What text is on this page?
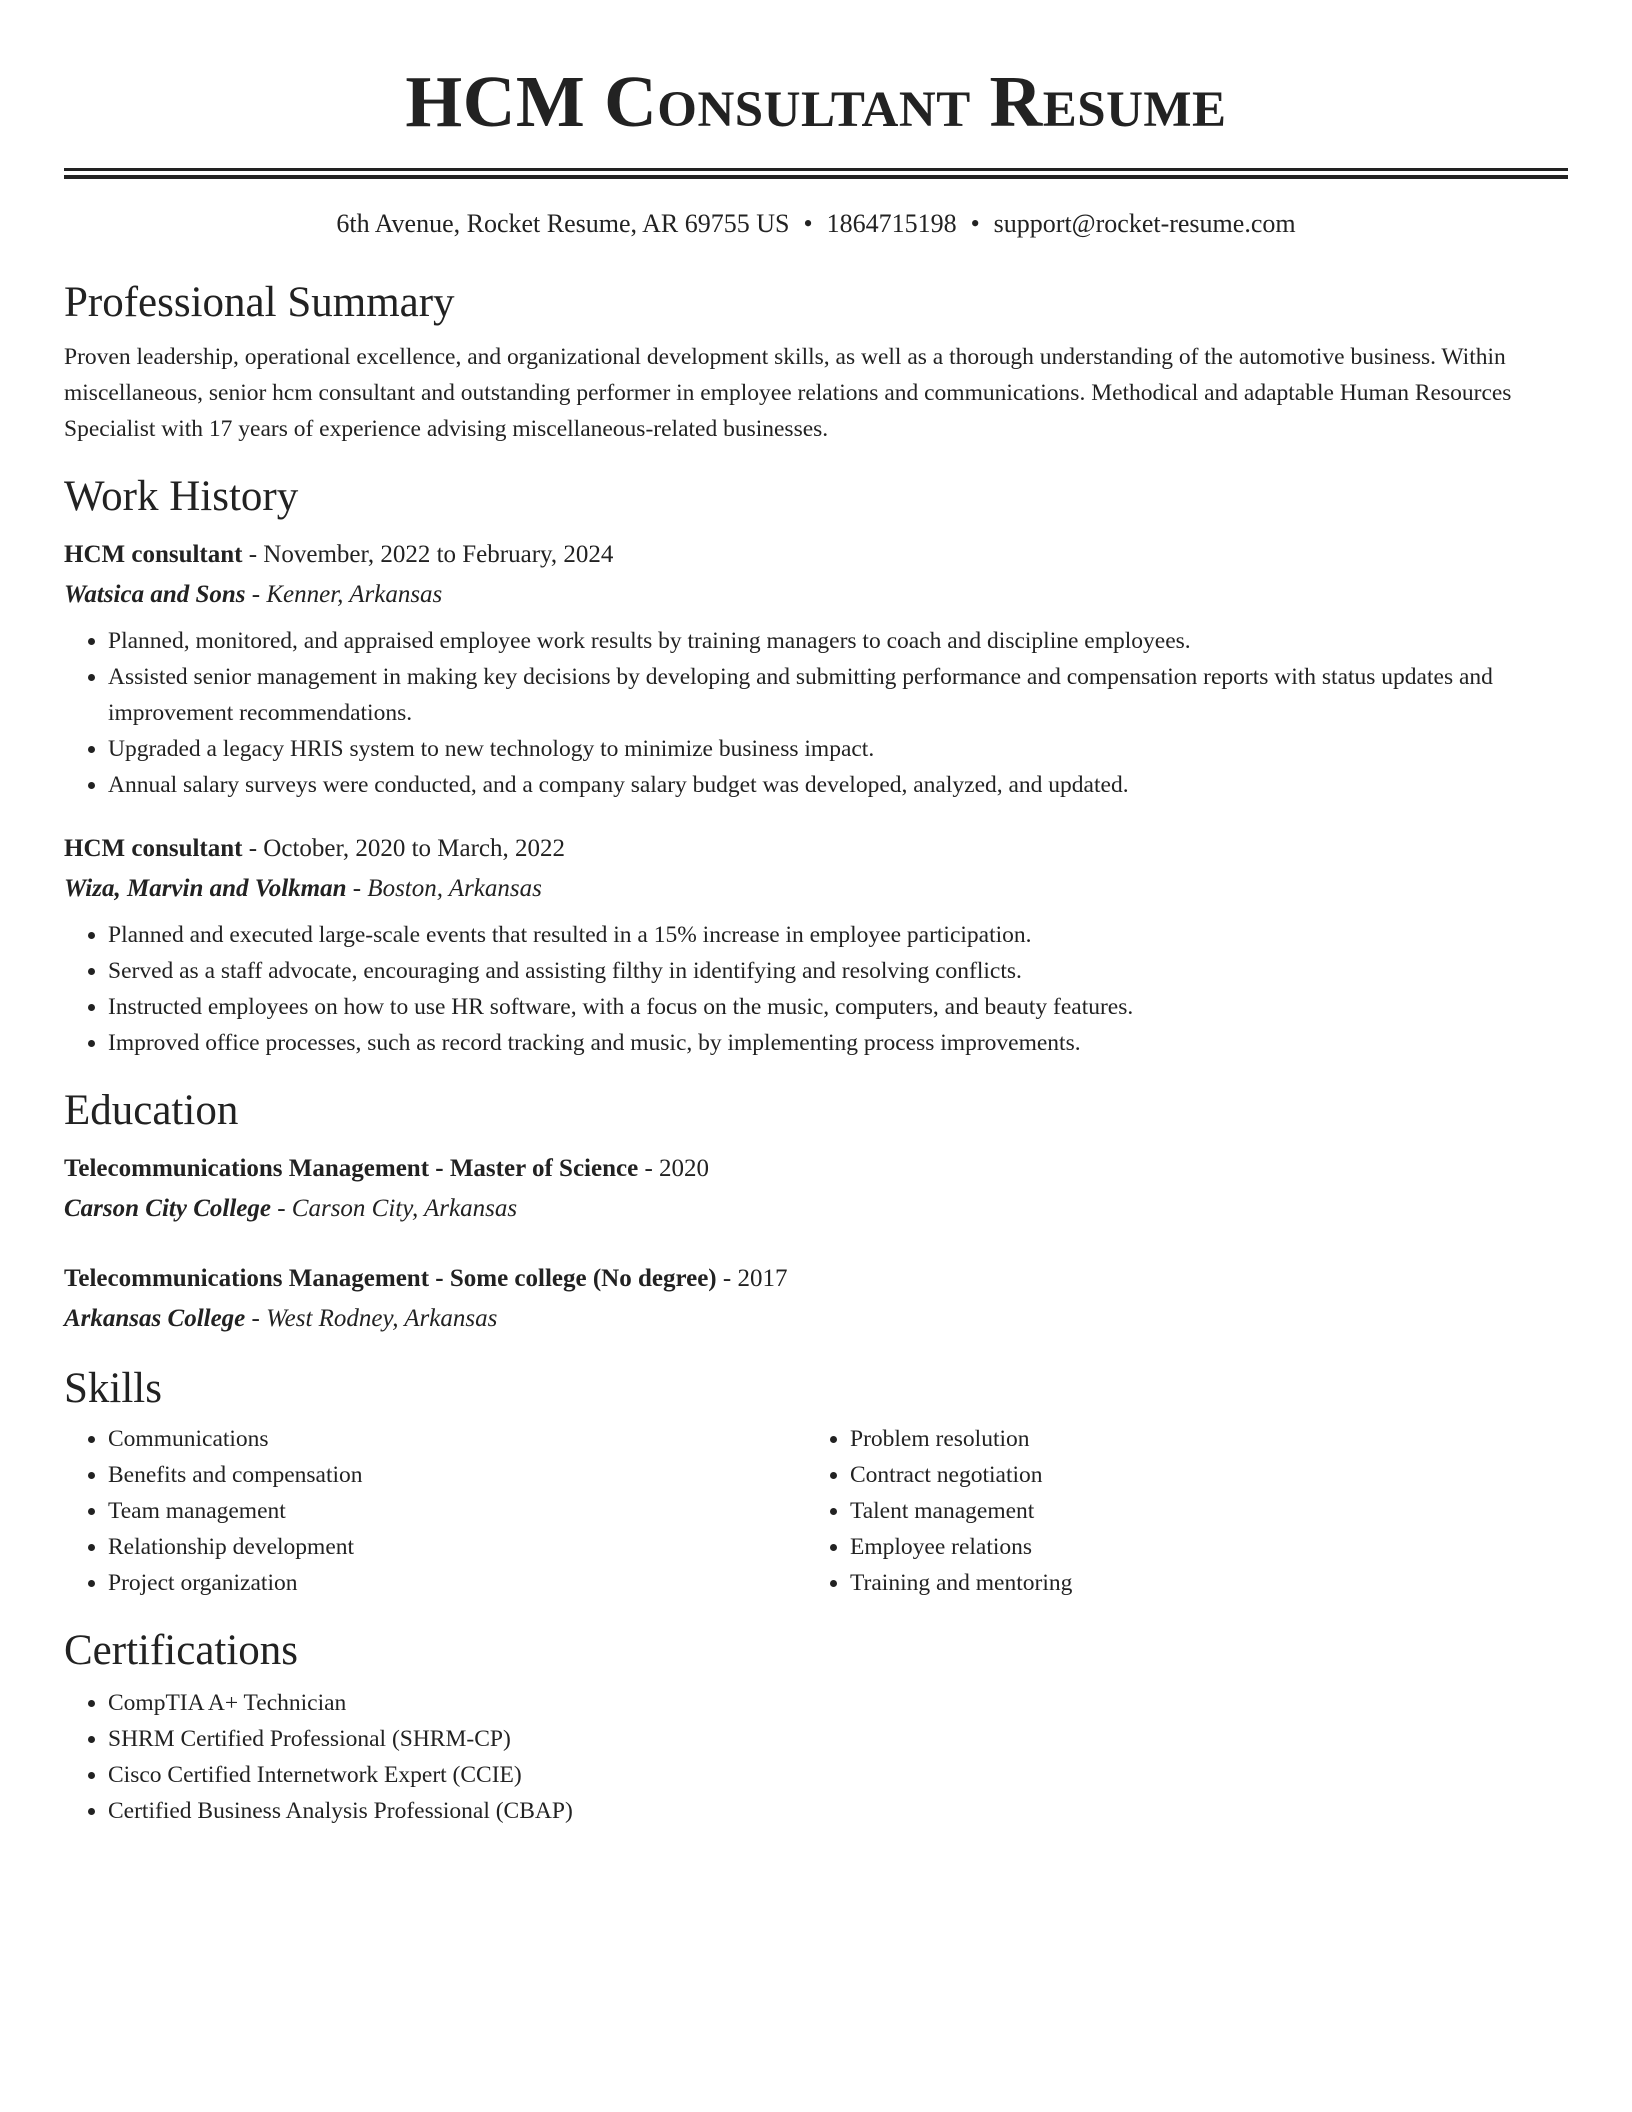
HCM Consultant Resume
6th Avenue, Rocket Resume, AR 69755 US • 1864715198 • support@rocket-resume.com
Professional Summary
Proven leadership, operational excellence, and organizational development skills, as well as a thorough understanding of the automotive business. Within miscellaneous, senior hcm consultant and outstanding performer in employee relations and communications. Methodical and adaptable Human Resources Specialist with 17 years of experience advising miscellaneous-related businesses.
Work History
HCM consultant - November, 2022 to February, 2024
Watsica and Sons - Kenner, Arkansas
• Planned, monitored, and appraised employee work results by training managers to coach and discipline employees.
• Assisted senior management in making key decisions by developing and submitting performance and compensation reports with status updates and improvement recommendations.
• Upgraded a legacy HRIS system to new technology to minimize business impact.
• Annual salary surveys were conducted, and a company salary budget was developed, analyzed, and updated.
HCM consultant - October, 2020 to March, 2022
Wiza, Marvin and Volkman - Boston, Arkansas
• Planned and executed large-scale events that resulted in a 15% increase in employee participation.
• Served as a staff advocate, encouraging and assisting filthy in identifying and resolving conflicts.
• Instructed employees on how to use HR software, with a focus on the music, computers, and beauty features.
• Improved office processes, such as record tracking and music, by implementing process improvements.
Education
Telecommunications Management - Master of Science - 2020
Carson City College - Carson City, Arkansas
Telecommunications Management - Some college (No degree) - 2017
Arkansas College - West Rodney, Arkansas
Skills
• Communications
• Benefits and compensation
• Team management
• Relationship development
• Project organization
• Problem resolution
• Contract negotiation
• Talent management
• Employee relations
• Training and mentoring
Certifications
• CompTIA A+ Technician
• SHRM Certified Professional (SHRM-CP)
• Cisco Certified Internetwork Expert (CCIE)
• Certified Business Analysis Professional (CBAP)
